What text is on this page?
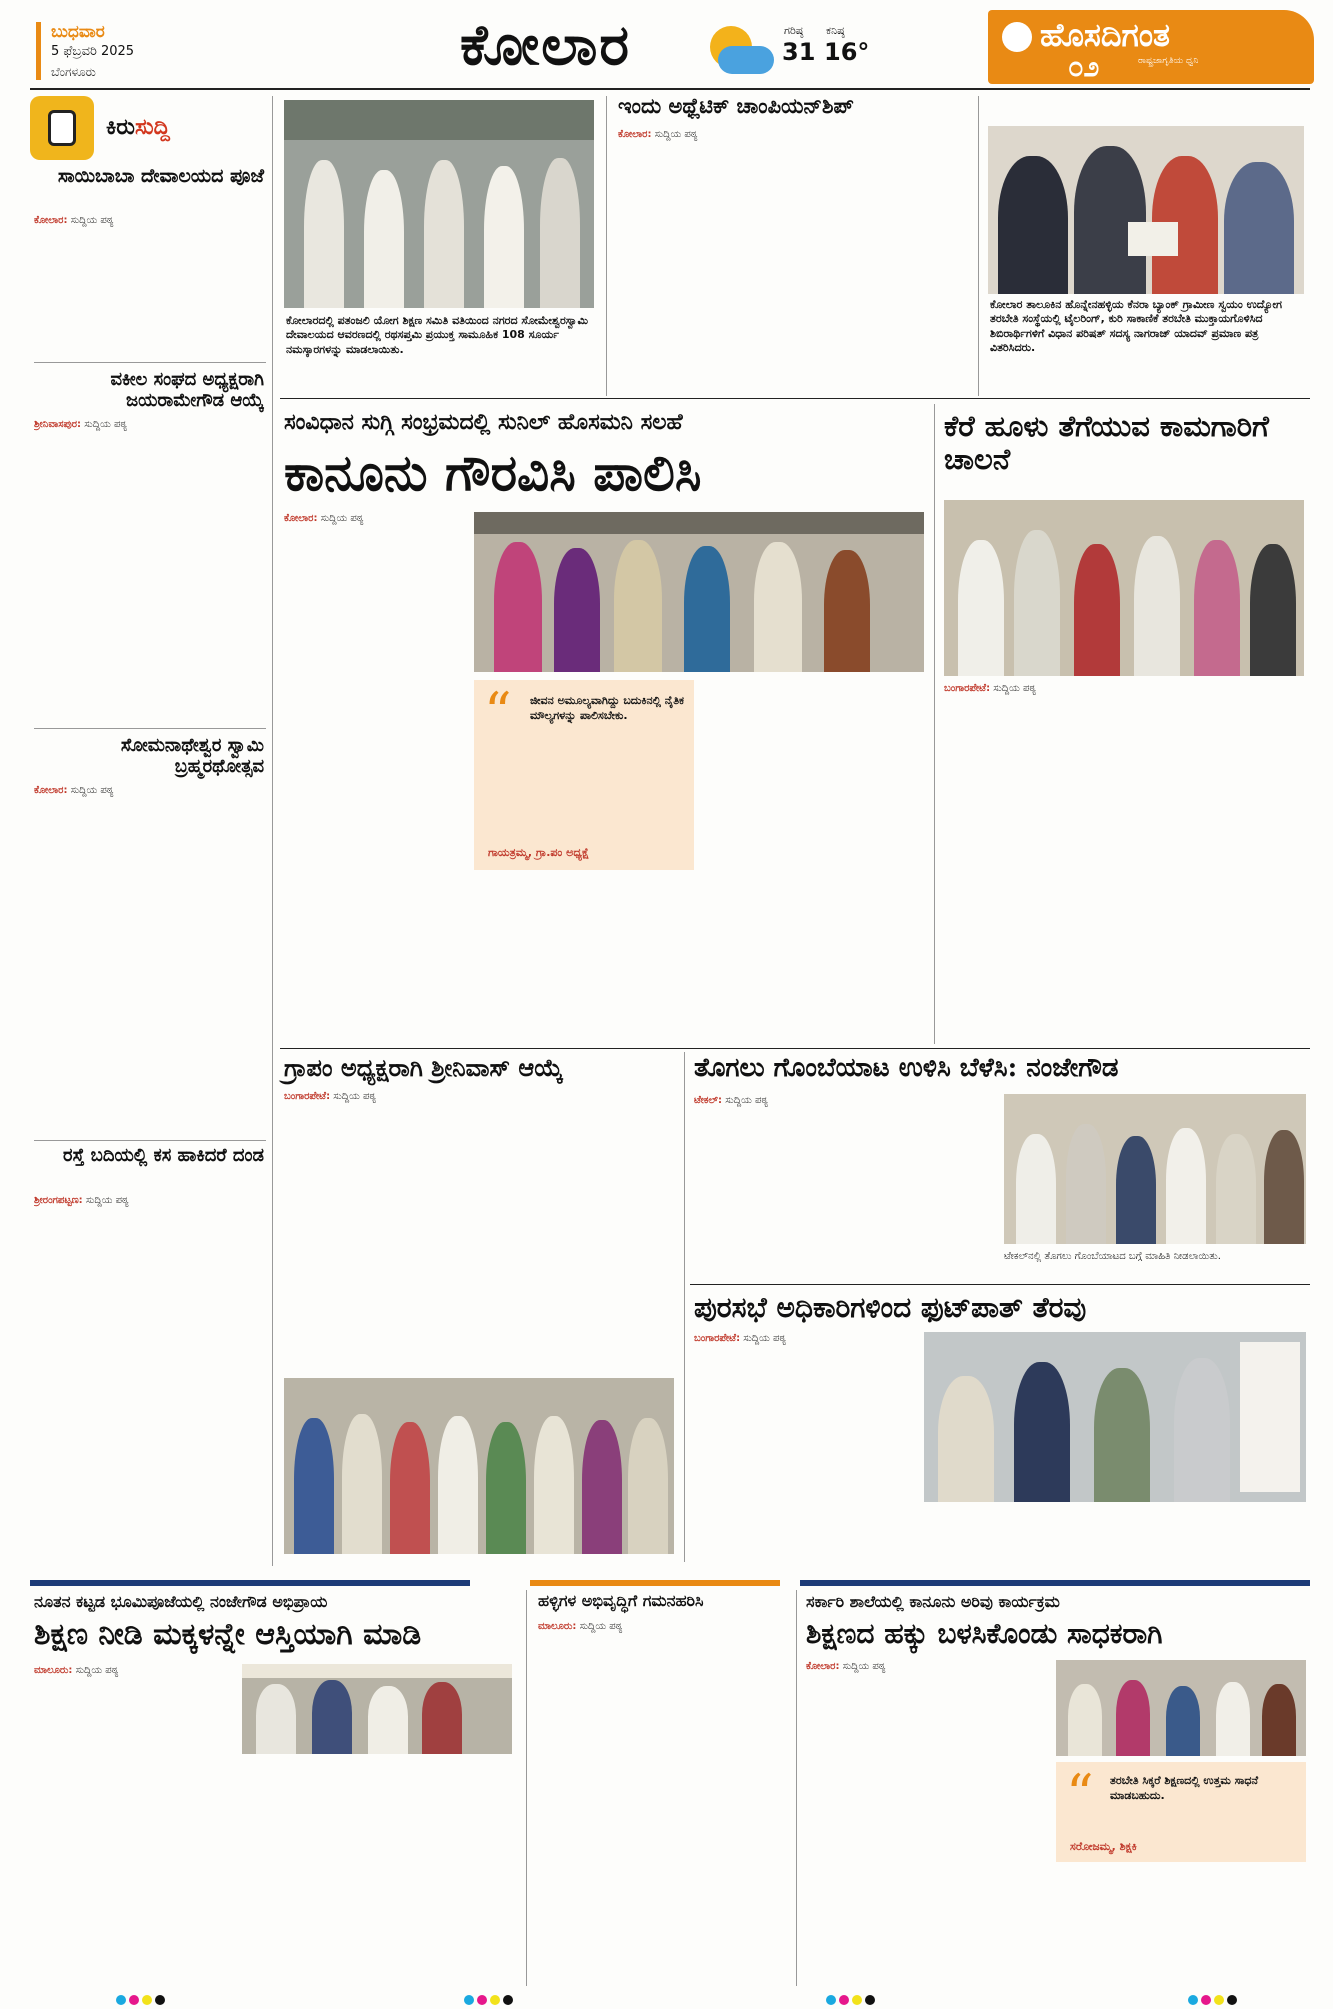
ಬುಧವಾರ
5 ಫೆಬ್ರವರಿ 2025
ಬೆಂಗಳೂರು	ಕೋಲಾರ	ಗರಿಷ್ಠ
31
ಕನಿಷ್ಠ
16°	ಹೊಸದಿಗಂತ
೦೨	ರಾಷ್ಟ್ರಜಾಗೃತಿಯ ಧ್ವನಿ
ಕಿರುಸುದ್ದಿ
ಸಾಯಿಬಾಬಾ ದೇವಾಲಯದ ಪೂಜೆ
ಕೋಲಾರ: ಸುದ್ದಿಯ ಪಠ್ಯ
ವಕೀಲ ಸಂಘದ ಅಧ್ಯಕ್ಷರಾಗಿ ಜಯರಾಮೇಗೌಡ ಆಯ್ಕೆ
ಶ್ರೀನಿವಾಸಪುರ: ಸುದ್ದಿಯ ಪಠ್ಯ
ಸೋಮನಾಥೇಶ್ವರ ಸ್ವಾಮಿ ಬ್ರಹ್ಮರಥೋತ್ಸವ
ಕೋಲಾರ: ಸುದ್ದಿಯ ಪಠ್ಯ
ರಸ್ತೆ ಬದಿಯಲ್ಲಿ ಕಸ ಹಾಕಿದರೆ ದಂಡ
ಶ್ರೀರಂಗಪಟ್ಟಣ: ಸುದ್ದಿಯ ಪಠ್ಯ
ಕೋಲಾರದಲ್ಲಿ ಪತಂಜಲಿ ಯೋಗ ಶಿಕ್ಷಣ ಸಮಿತಿ ವತಿಯಿಂದ ನಗರದ ಸೋಮೇಶ್ವರಸ್ವಾಮಿ ದೇವಾಲಯದ ಆವರಣದಲ್ಲಿ ರಥಸಪ್ತಮಿ ಪ್ರಯುಕ್ತ ಸಾಮೂಹಿಕ 108 ಸೂರ್ಯ ನಮಸ್ಕಾರಗಳನ್ನು ಮಾಡಲಾಯಿತು.
ಇಂದು ಅಥ್ಲೆಟಿಕ್ ಚಾಂಪಿಯನ್‌ಶಿಪ್
ಕೋಲಾರ: ಸುದ್ದಿಯ ಪಠ್ಯ
ಕೋಲಾರ ತಾಲೂಕಿನ ಹೊನ್ನೇನಹಳ್ಳಿಯ ಕೆನರಾ ಬ್ಯಾಂಕ್ ಗ್ರಾಮೀಣ ಸ್ವಯಂ ಉದ್ಯೋಗ ತರಬೇತಿ ಸಂಸ್ಥೆಯಲ್ಲಿ ಟೈಲರಿಂಗ್, ಕುರಿ ಸಾಕಾಣಿಕೆ ತರಬೇತಿ ಮುಕ್ತಾಯಗೊಳಿಸಿದ ಶಿಬಿರಾರ್ಥಿಗಳಿಗೆ ವಿಧಾನ ಪರಿಷತ್ ಸದಸ್ಯ ನಾಗರಾಜ್ ಯಾದವ್ ಪ್ರಮಾಣ ಪತ್ರ ವಿತರಿಸಿದರು.
ಸಂವಿಧಾನ ಸುಗ್ಗಿ ಸಂಭ್ರಮದಲ್ಲಿ ಸುನಿಲ್ ಹೊಸಮನಿ ಸಲಹೆ
ಕಾನೂನು ಗೌರವಿಸಿ ಪಾಲಿಸಿ
ಕೋಲಾರ: ಸುದ್ದಿಯ ಪಠ್ಯ
“ ಜೀವನ ಅಮೂಲ್ಯವಾಗಿದ್ದು ಬದುಕಿನಲ್ಲಿ ನೈತಿಕ ಮೌಲ್ಯಗಳನ್ನು ಪಾಲಿಸಬೇಕು.
ಗಾಯತ್ರಮ್ಮ, ಗ್ರಾ.ಪಂ ಅಧ್ಯಕ್ಷೆ
ಕೆರೆ ಹೂಳು ತೆಗೆಯುವ ಕಾಮಗಾರಿಗೆ ಚಾಲನೆ
ಬಂಗಾರಪೇಟೆ: ಸುದ್ದಿಯ ಪಠ್ಯ
ಗ್ರಾಪಂ ಅಧ್ಯಕ್ಷರಾಗಿ ಶ್ರೀನಿವಾಸ್ ಆಯ್ಕೆ
ಬಂಗಾರಪೇಟೆ: ಸುದ್ದಿಯ ಪಠ್ಯ
ತೊಗಲು ಗೊಂಬೆಯಾಟ ಉಳಿಸಿ ಬೆಳೆಸಿ: ನಂಜೇಗೌಡ
ಟೇಕಲ್: ಸುದ್ದಿಯ ಪಠ್ಯ
ಟೇಕಲ್‌ನಲ್ಲಿ ತೊಗಲು ಗೊಂಬೆಯಾಟದ ಬಗ್ಗೆ ಮಾಹಿತಿ ನೀಡಲಾಯಿತು.
ಪುರಸಭೆ ಅಧಿಕಾರಿಗಳಿಂದ ಫುಟ್‌ಪಾತ್ ತೆರವು
ಬಂಗಾರಪೇಟೆ: ಸುದ್ದಿಯ ಪಠ್ಯ
ನೂತನ ಕಟ್ಟಡ ಭೂಮಿಪೂಜೆಯಲ್ಲಿ ನಂಜೇಗೌಡ ಅಭಿಪ್ರಾಯ
ಶಿಕ್ಷಣ ನೀಡಿ ಮಕ್ಕಳನ್ನೇ ಆಸ್ತಿಯಾಗಿ ಮಾಡಿ
ಮಾಲೂರು: ಸುದ್ದಿಯ ಪಠ್ಯ
ಹಳ್ಳಿಗಳ ಅಭಿವೃದ್ಧಿಗೆ ಗಮನಹರಿಸಿ
ಮಾಲೂರು: ಸುದ್ದಿಯ ಪಠ್ಯ
ಸರ್ಕಾರಿ ಶಾಲೆಯಲ್ಲಿ ಕಾನೂನು ಅರಿವು ಕಾರ್ಯಕ್ರಮ
ಶಿಕ್ಷಣದ ಹಕ್ಕು ಬಳಸಿಕೊಂಡು ಸಾಧಕರಾಗಿ
ಕೋಲಾರ: ಸುದ್ದಿಯ ಪಠ್ಯ
“ ತರಬೇತಿ ಸಿಕ್ಕರೆ ಶಿಕ್ಷಣದಲ್ಲಿ ಉತ್ತಮ ಸಾಧನೆ ಮಾಡಬಹುದು.
ಸರೋಜಮ್ಮ, ಶಿಕ್ಷಕಿ
